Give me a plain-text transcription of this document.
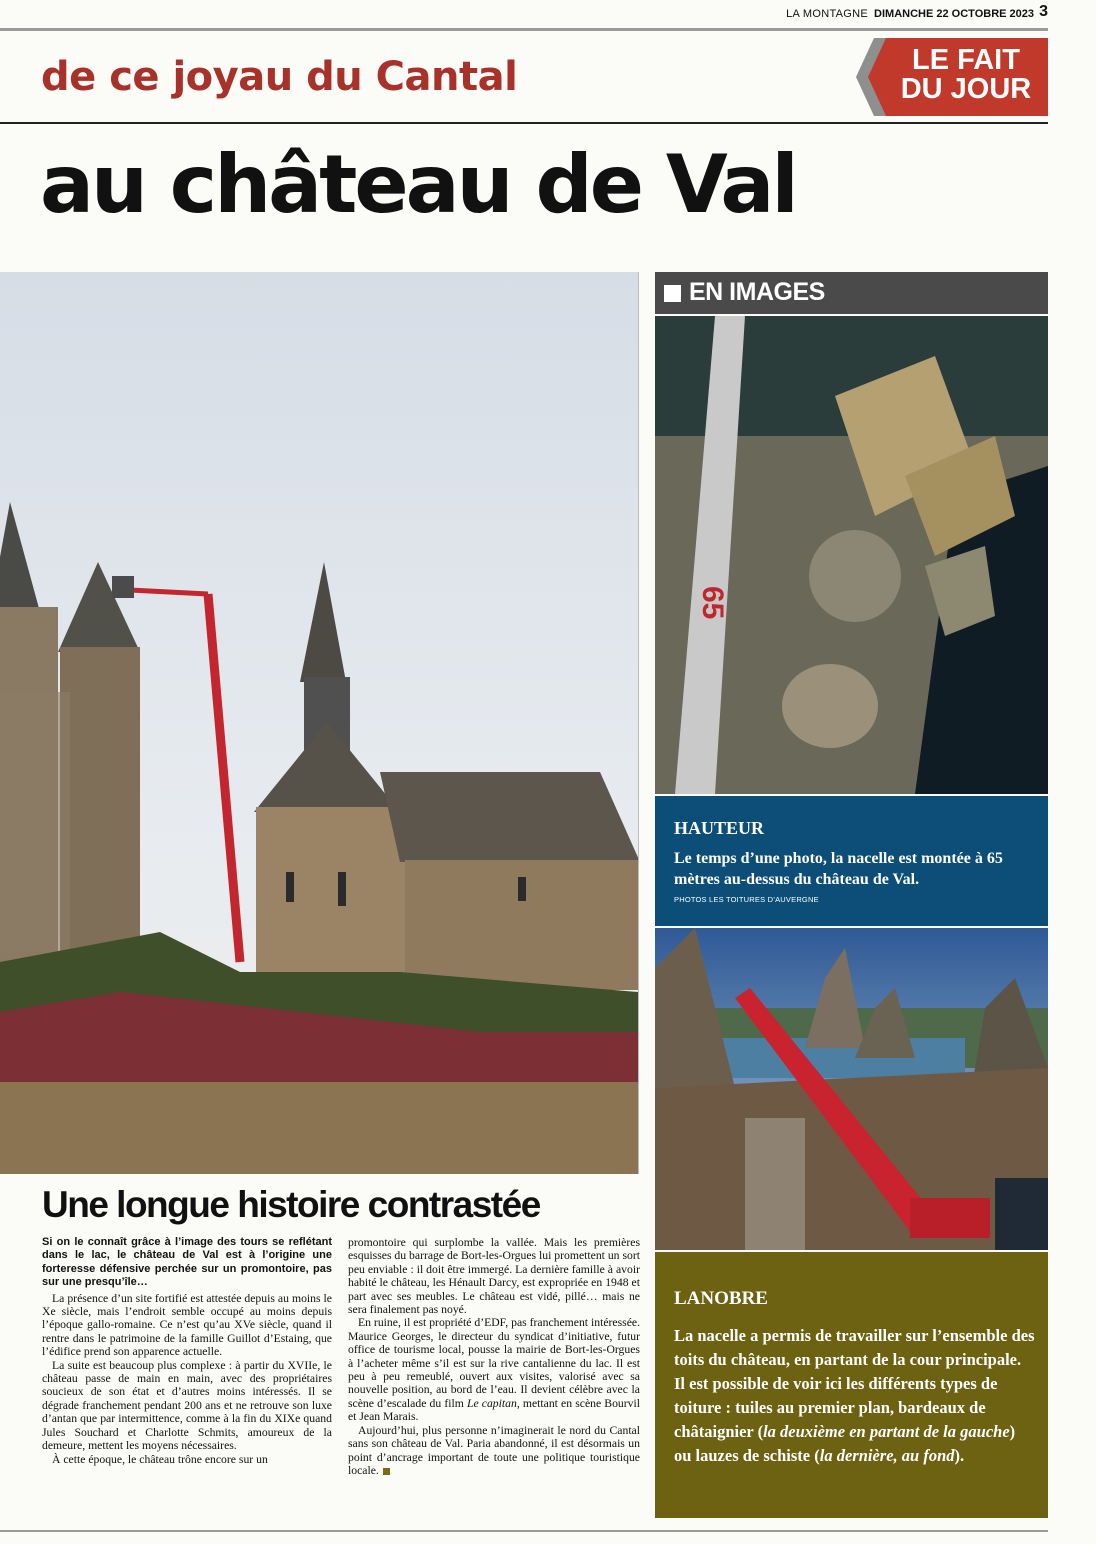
LA MONTAGNE DIMANCHE 22 OCTOBRE 2023 3
LE FAIT
DU JOUR
de ce joyau du Cantal
au château de Val
EN IMAGES
65
HAUTEUR
Le temps d’une photo, la nacelle est montée à 65 mètres au-dessus du château de Val.
PHOTOS LES TOITURES D’AUVERGNE
LANOBRE
La nacelle a permis de travailler sur l’ensemble des toits du château, en partant de la cour principale. Il est possible de voir ici les différents types de toiture : tuiles au premier plan, bardeaux de châtaignier (la deuxième en partant de la gauche) ou lauzes de schiste (la dernière, au fond).
Une longue histoire contrastée

Si on le connaît grâce à l’image des tours se reflétant dans le lac, le château de Val est à l’origine une forteresse défensive perchée sur un promontoire, pas sur une presqu’île…

La présence d’un site fortifié est attestée depuis au moins le Xe siècle, mais l’endroit semble occupé au moins depuis l’époque gallo-romaine. Ce n’est qu’au XVe siècle, quand il rentre dans le patrimoine de la famille Guillot d’Estaing, que l’édifice prend son apparence actuelle.

La suite est beaucoup plus complexe : à partir du XVIIe, le château passe de main en main, avec des propriétaires soucieux de son état et d’autres moins intéressés. Il se dégrade franchement pendant 200 ans et ne retrouve son luxe d’antan que par intermittence, comme à la fin du XIXe quand Jules Souchard et Charlotte Schmits, amoureux de la demeure, mettent les moyens nécessaires.

À cette époque, le château trône encore sur un

promontoire qui surplombe la vallée. Mais les premières esquisses du barrage de Bort-les-Orgues lui promettent un sort peu enviable : il doit être immergé. La dernière famille à avoir habité le château, les Hénault Darcy, est expropriée en 1948 et part avec ses meubles. Le château est vidé, pillé… mais ne sera finalement pas noyé.

En ruine, il est propriété d’EDF, pas franchement intéressée. Maurice Georges, le directeur du syndicat d’initiative, futur office de tourisme local, pousse la mairie de Bort-les-Orgues à l’acheter même s’il est sur la rive cantalienne du lac. Il est peu à peu remeublé, ouvert aux visites, valorisé avec sa nouvelle position, au bord de l’eau. Il devient célèbre avec la scène d’escalade du film Le capitan, mettant en scène Bourvil et Jean Marais.

Aujourd’hui, plus personne n’imaginerait le nord du Cantal sans son château de Val. Paria abandonné, il est désormais un point d’ancrage important de toute une politique touristique locale.
